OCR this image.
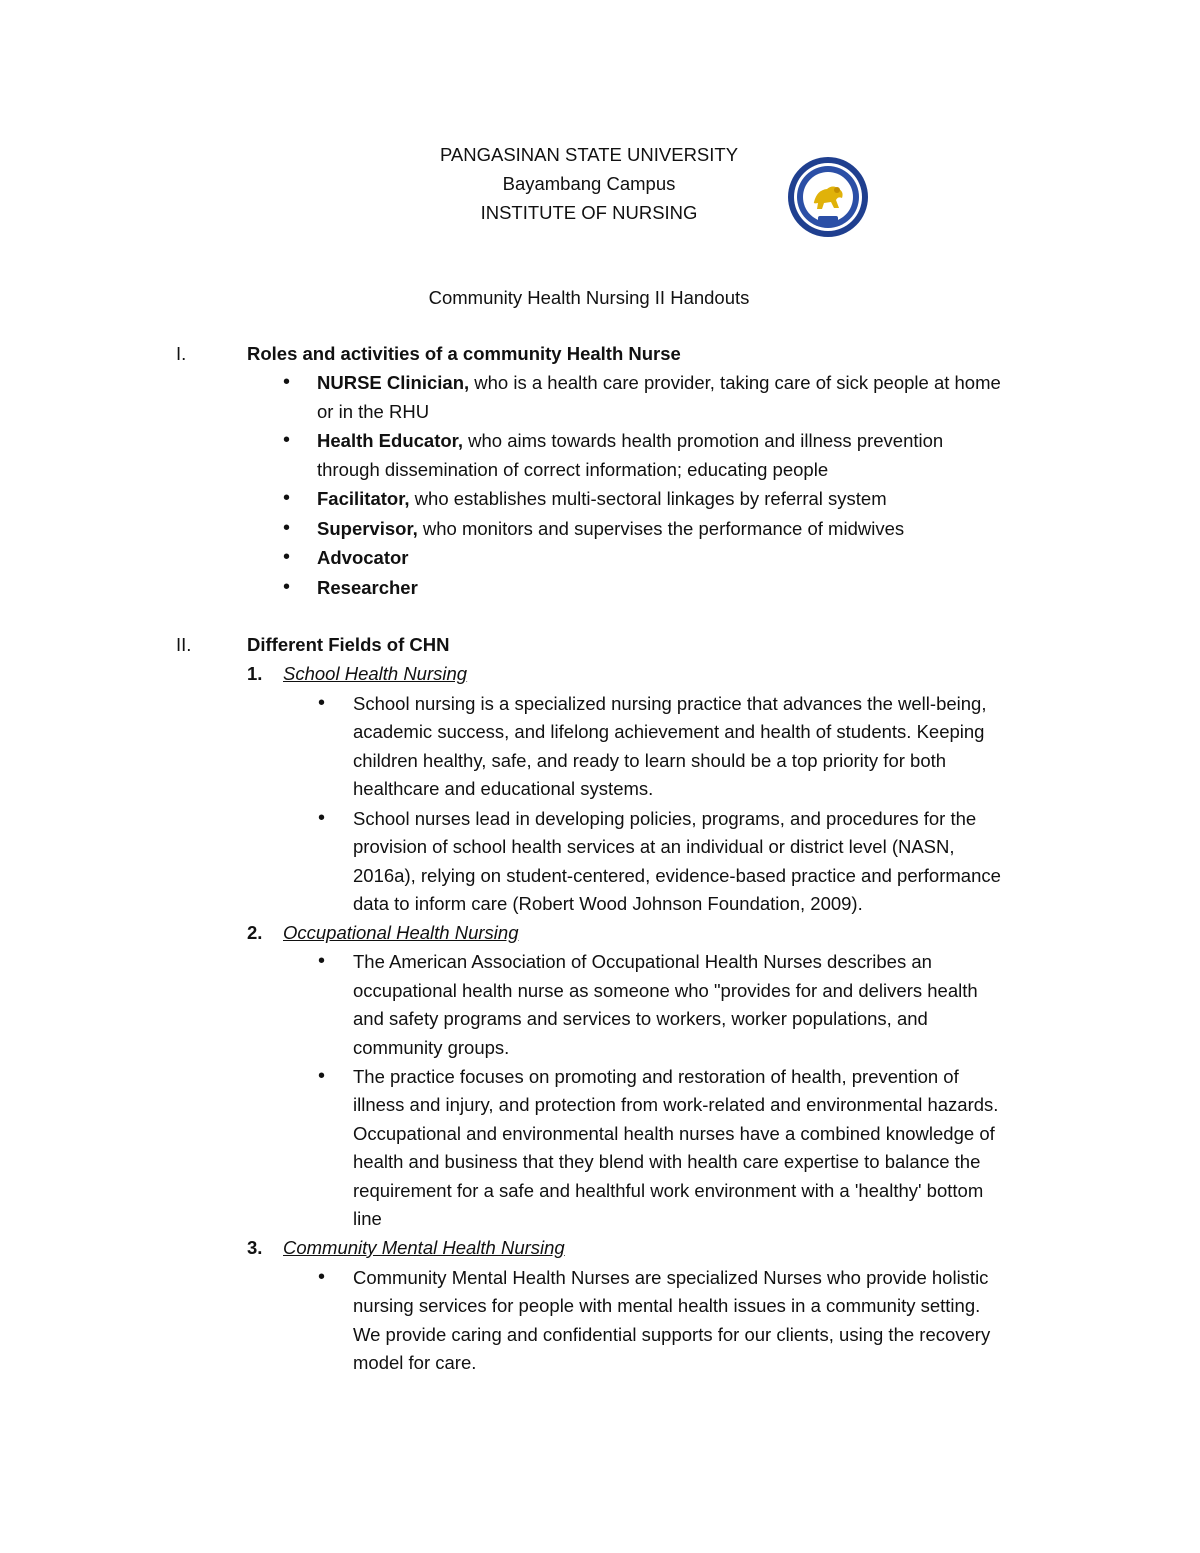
PANGASINAN STATE UNIVERSITY
Bayambang Campus
INSTITUTE OF NURSING
Community Health Nursing II Handouts
I.	Roles and activities of a community Health Nurse
•
NURSE Clinician, who is a health care provider, taking care of sick people at home
or in the RHU
•
Health Educator, who aims towards health promotion and illness prevention
through dissemination of correct information; educating people
•
Facilitator, who establishes multi-sectoral linkages by referral system
•
Supervisor, who monitors and supervises the performance of midwives
•
Advocator
•
Researcher
II.	Different Fields of CHN
1. School Health Nursing
•
School nursing is a specialized nursing practice that advances the well-being,
academic success, and lifelong achievement and health of students. Keeping
children healthy, safe, and ready to learn should be a top priority for both
healthcare and educational systems.
•
School nurses lead in developing policies, programs, and procedures for the
provision of school health services at an individual or district level (NASN,
2016a), relying on student-centered, evidence-based practice and performance
data to inform care (Robert Wood Johnson Foundation, 2009).
2. Occupational Health Nursing
•
The American Association of Occupational Health Nurses describes an
occupational health nurse as someone who "provides for and delivers health
and safety programs and services to workers, worker populations, and
community groups.
•
The practice focuses on promoting and restoration of health, prevention of
illness and injury, and protection from work-related and environmental hazards.
Occupational and environmental health nurses have a combined knowledge of
health and business that they blend with health care expertise to balance the
requirement for a safe and healthful work environment with a 'healthy' bottom
line
3. Community Mental Health Nursing
•
Community Mental Health Nurses are specialized Nurses who provide holistic
nursing services for people with mental health issues in a community setting.
We provide caring and confidential supports for our clients, using the recovery
model for care.
